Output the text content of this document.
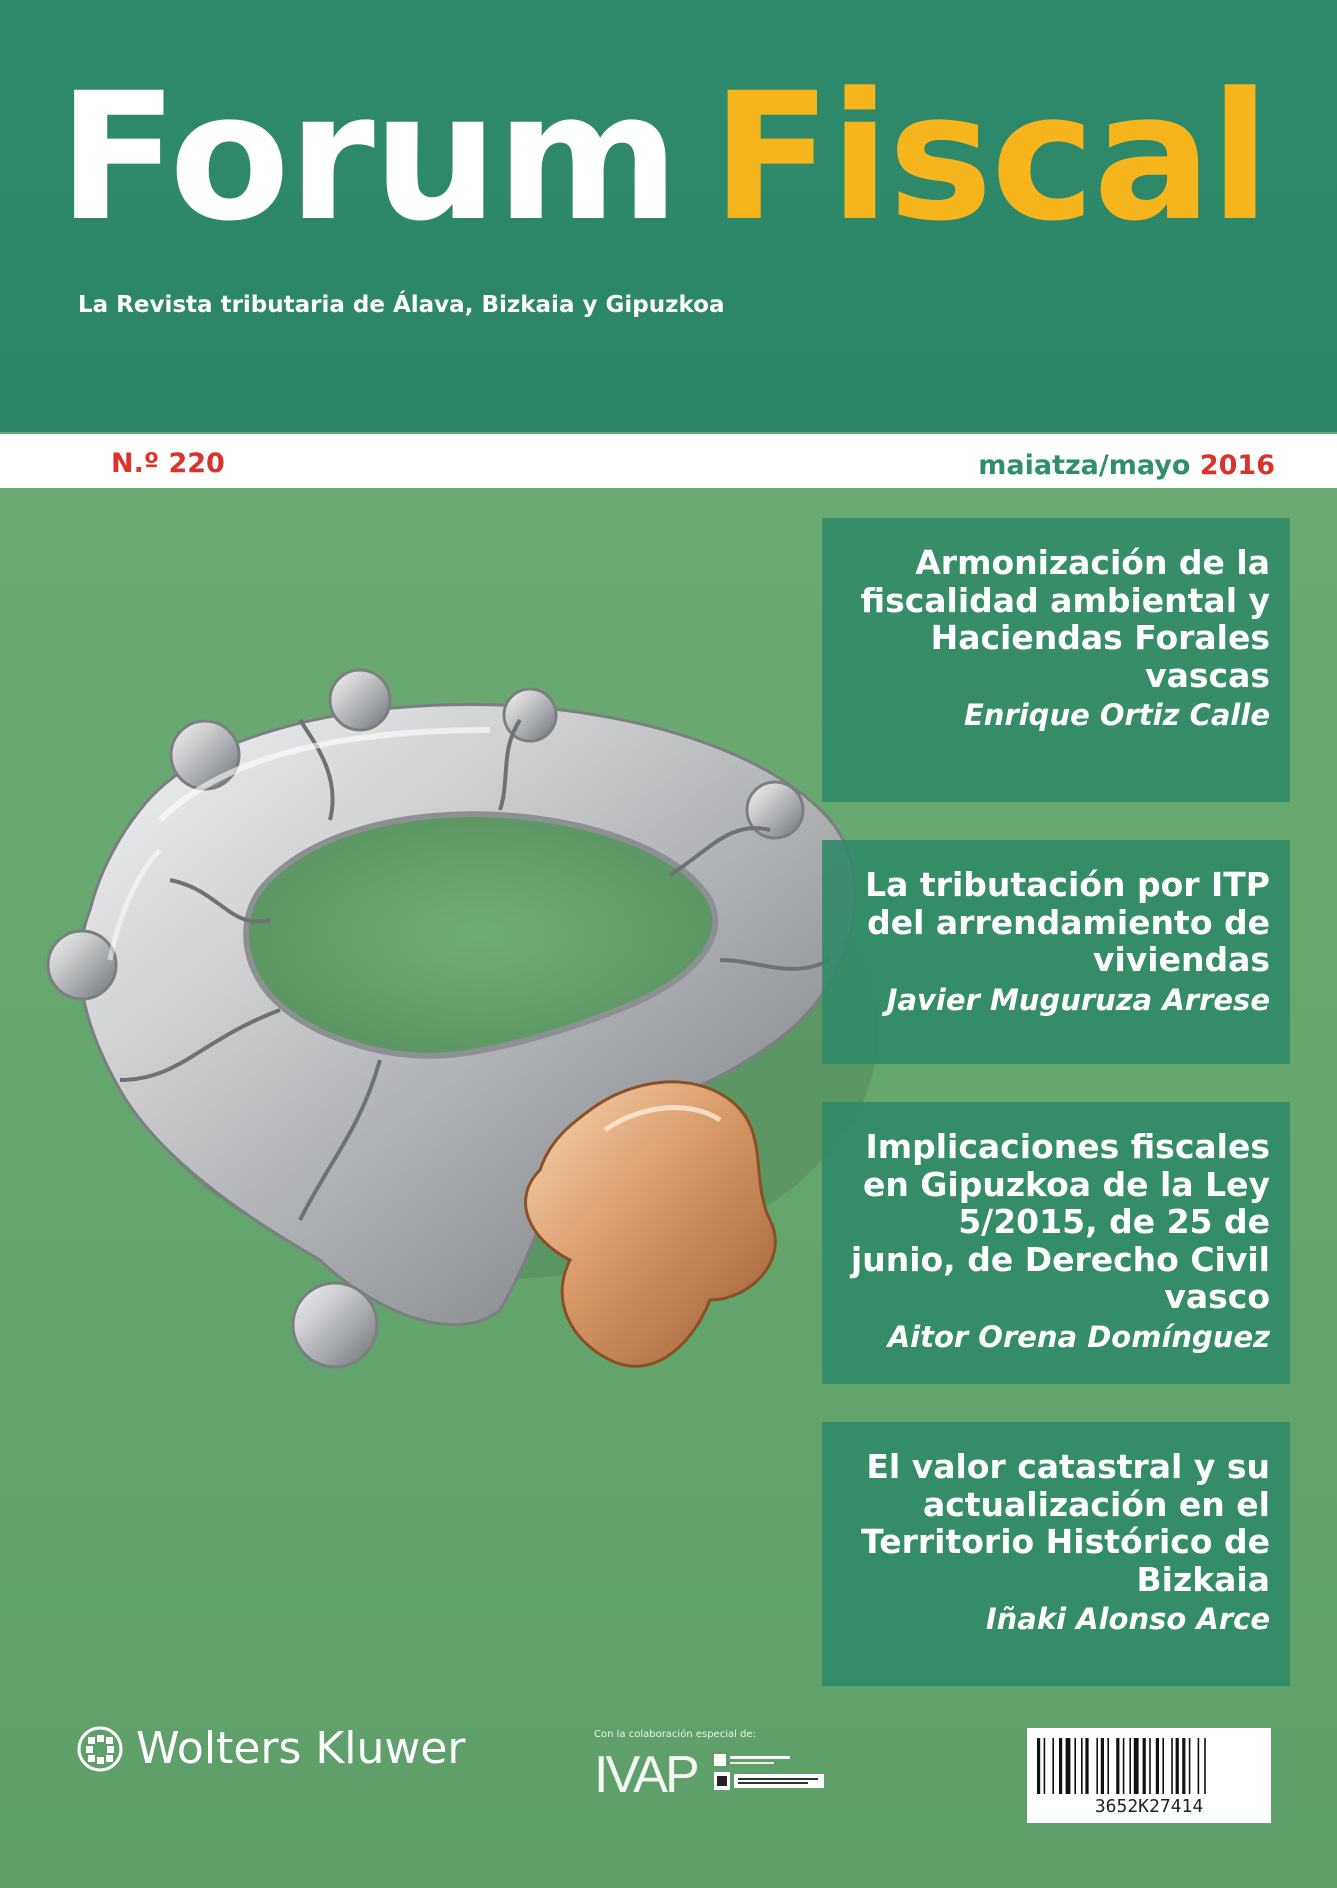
Forum Fiscal
La Revista tributaria de Álava, Bizkaia y Gipuzkoa
N.º 220	maiatza/mayo 2016
Armonización de la fiscalidad ambiental y Haciendas Forales vascas
Enrique Ortiz Calle
La tributación por ITP del arrendamiento de viviendas
Javier Muguruza Arrese
Implicaciones fiscales en Gipuzkoa de la Ley 5/2015, de 25 de junio, de Derecho Civil vasco
Aitor Orena Domínguez
El valor catastral y su actualización en el Territorio Histórico de Bizkaia
Iñaki Alonso Arce
Wolters Kluwer	Con la colaboración especial de:
IVAP
3652K27414
